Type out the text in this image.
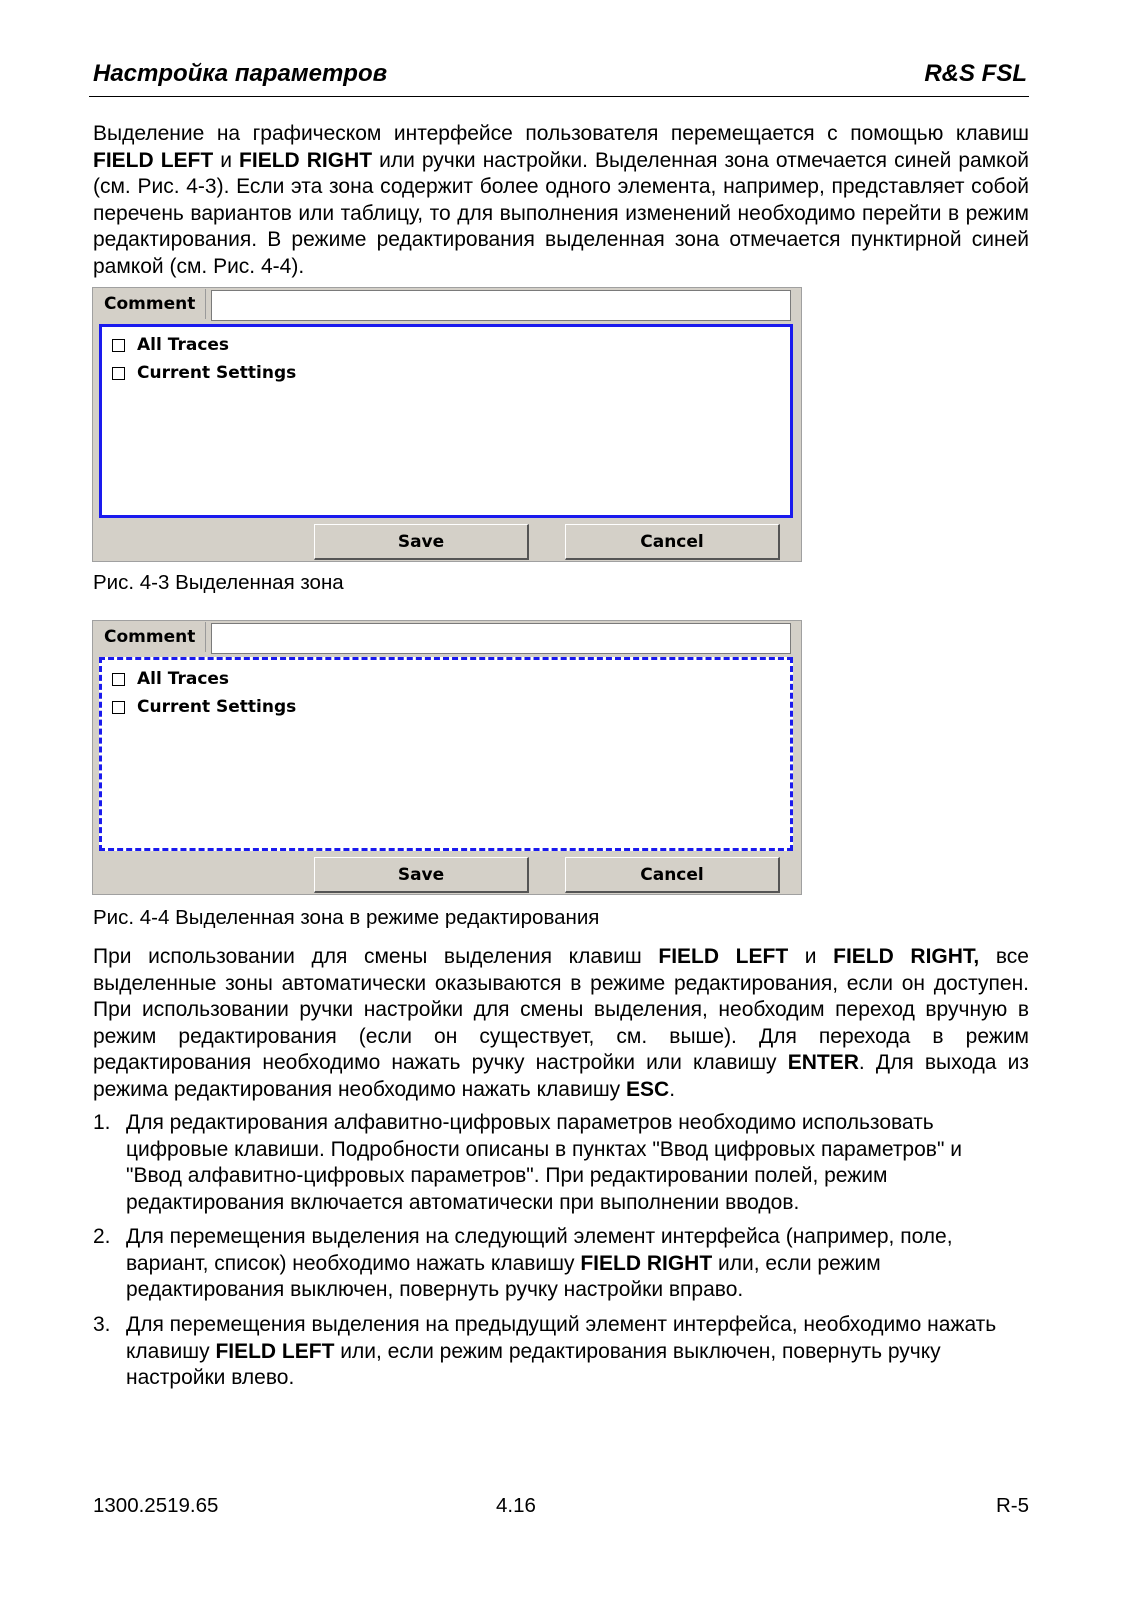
Настройка параметров	R&S FSL

Выделение на графическом интерфейсе пользователя перемещается с помощью клавиш FIELD LEFT и FIELD RIGHT или ручки настройки. Выделенная зона отмечается синей рамкой (см. Рис. 4-3). Если эта зона содержит более одного элемента, например, представляет собой перечень вариантов или таблицу, то для выполнения изменений необходимо перейти в режим редактирования. В режиме редактирования выделенная зона отмечается пунктирной синей рамкой (см. Рис. 4-4).

Comment
All Traces
Current Settings
Save	Cancel
Рис. 4-3 Выделенная зона
Comment
All Traces
Current Settings
Save	Cancel
Рис. 4-4 Выделенная зона в режиме редактирования

При использовании для смены выделения клавиш FIELD LEFT и FIELD RIGHT, все выделенные зоны автоматически оказываются в режиме редактирования, если он доступен. При использовании ручки настройки для смены выделения, необходим переход вручную в режим редактирования (если он существует, см. выше). Для перехода в режим редактирования необходимо нажать ручку настройки или клавишу ENTER. Для выхода из режима редактирования необходимо нажать клавишу ESC.

1. Для редактирования алфавитно-цифровых параметров необходимо использовать цифровые клавиши. Подробности описаны в пунктах "Ввод цифровых параметров" и "Ввод алфавитно-цифровых параметров". При редактировании полей, режим редактирования включается автоматически при выполнении вводов.
2. Для перемещения выделения на следующий элемент интерфейса (например, поле, вариант, список) необходимо нажать клавишу FIELD RIGHT или, если режим редактирования выключен, повернуть ручку настройки вправо.
3. Для перемещения выделения на предыдущий элемент интерфейса, необходимо нажать клавишу FIELD LEFT или, если режим редактирования выключен, повернуть ручку настройки влево.
1300.2519.65	4.16	R-5
